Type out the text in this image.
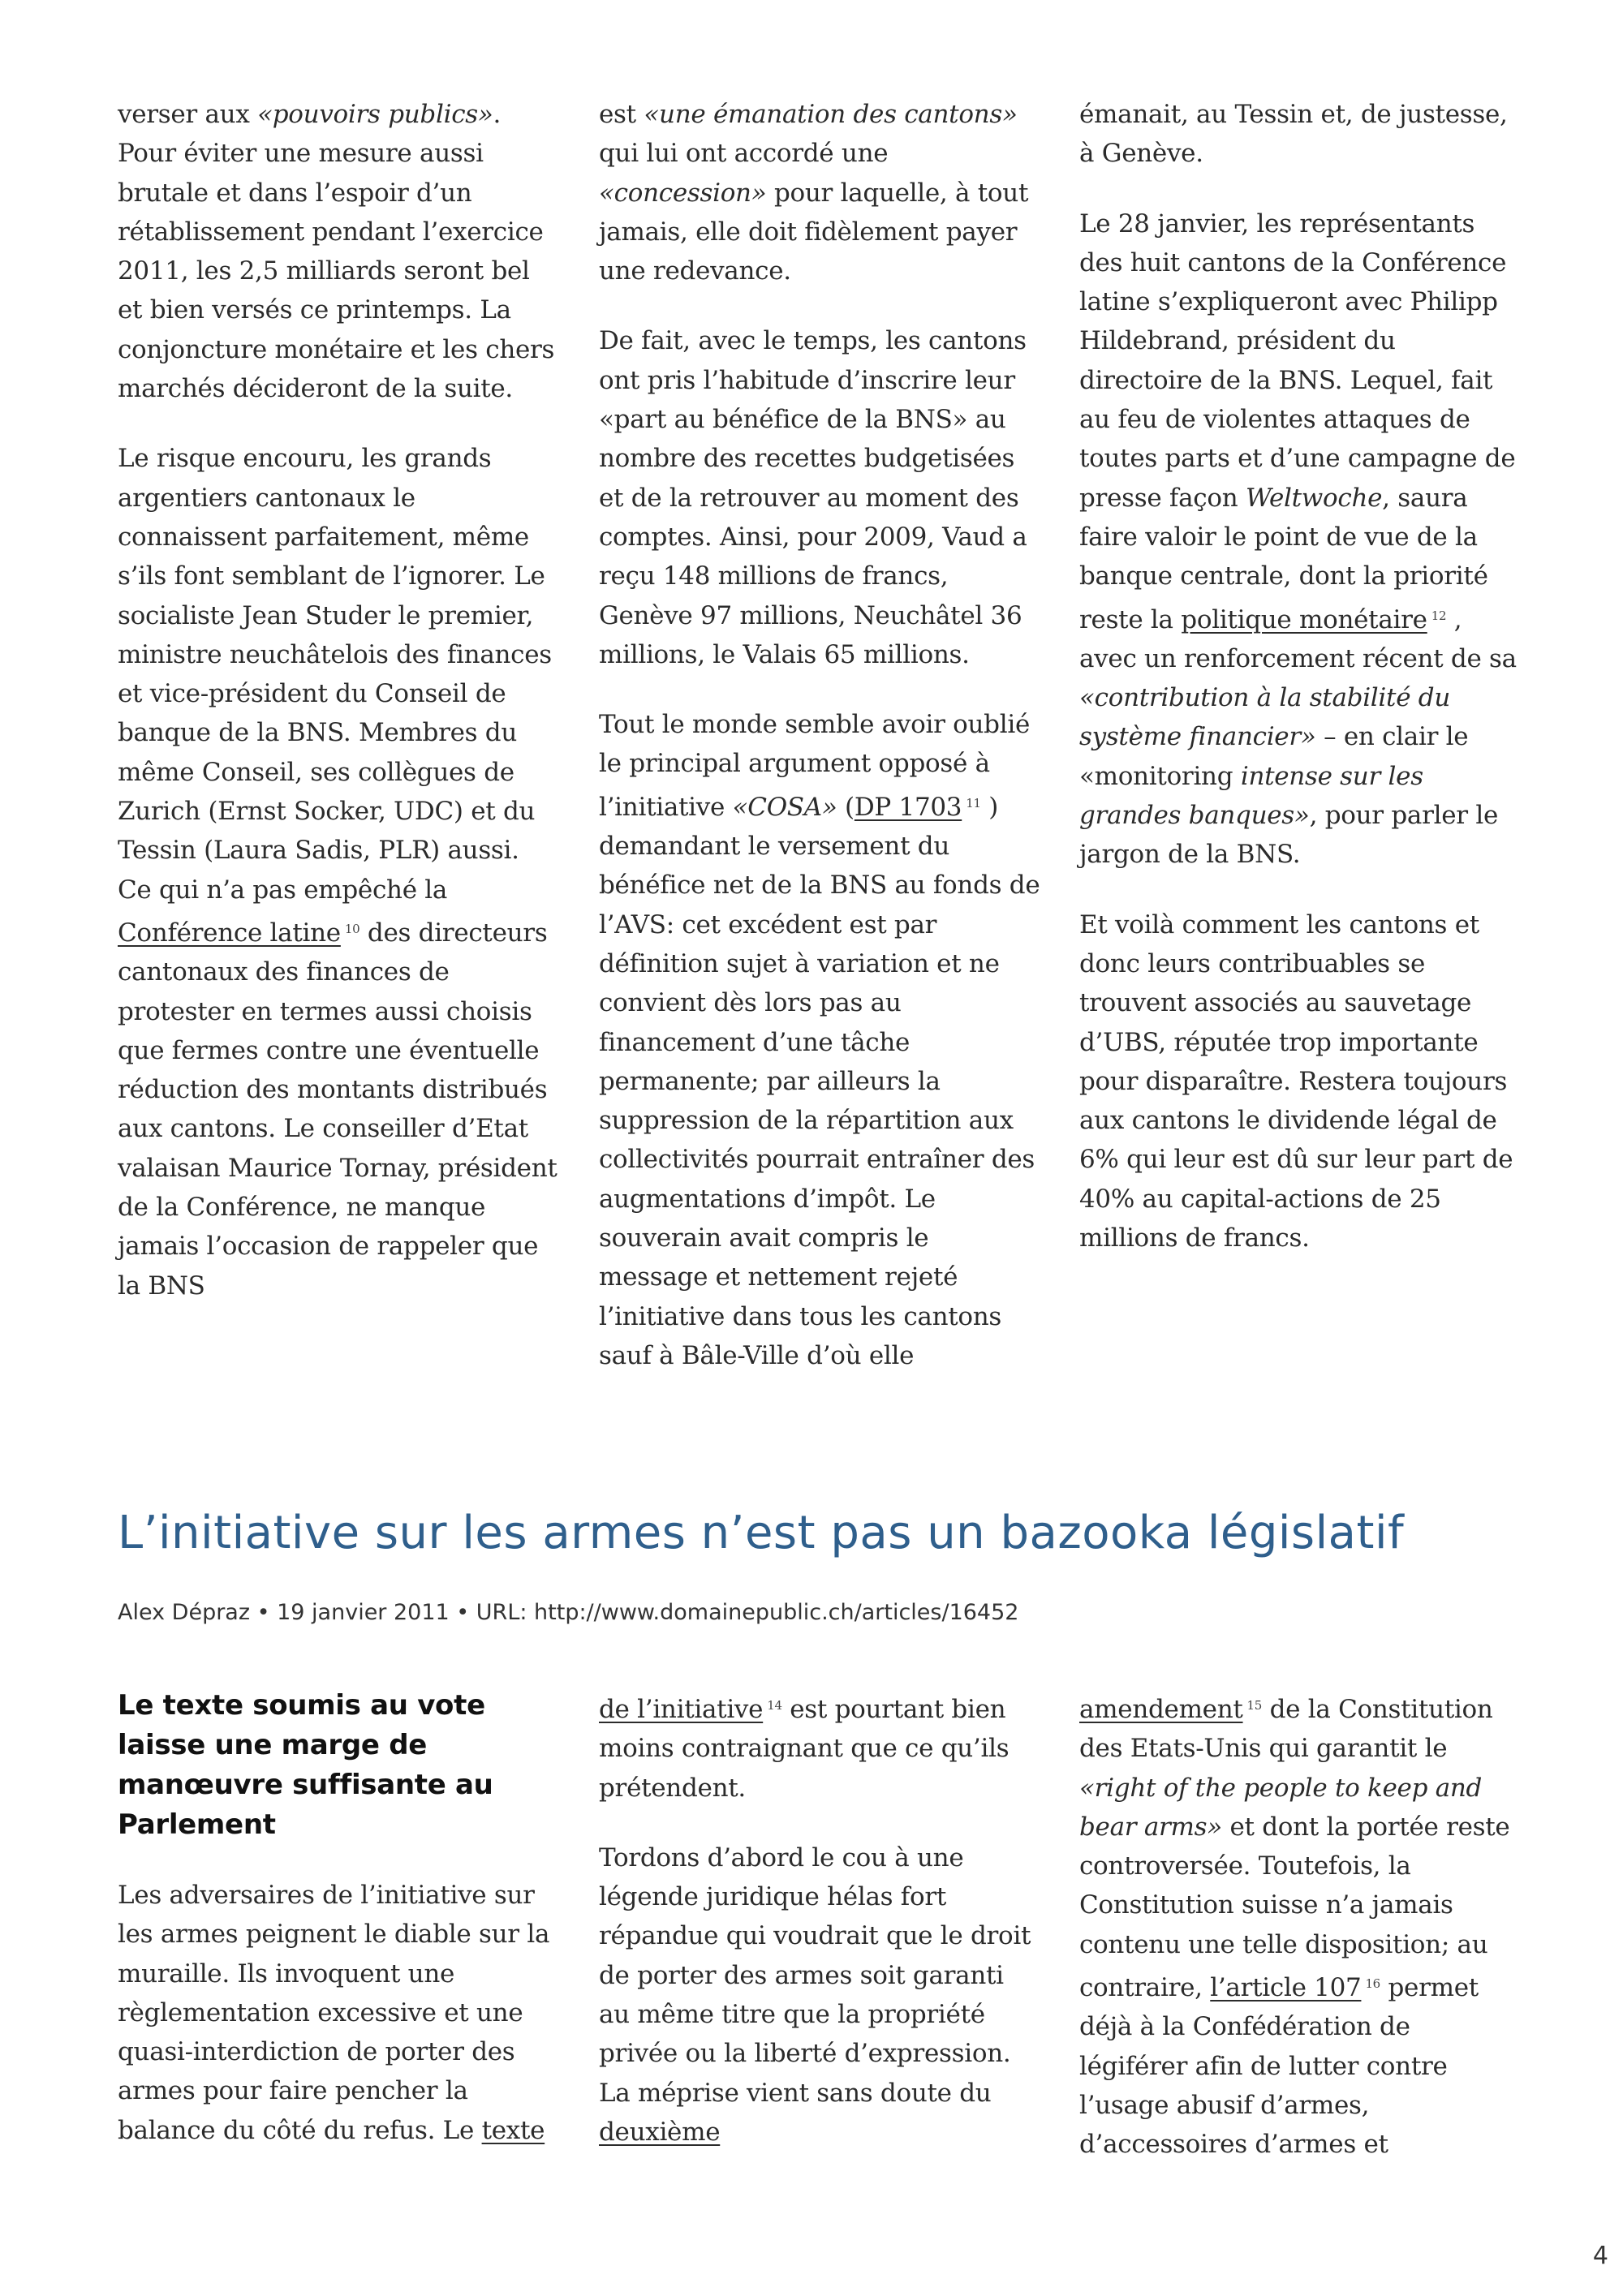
verser aux «pouvoirs publics». Pour éviter une mesure aussi brutale et dans l’espoir d’un rétablissement pendant l’exercice 2011, les 2,5 milliards seront bel et bien versés ce printemps. La conjoncture monétaire et les chers marchés décideront de la suite.

Le risque encouru, les grands argentiers cantonaux le connaissent parfaitement, même s’ils font semblant de l’ignorer. Le socialiste Jean Studer le premier, ministre neuchâtelois des finances et vice-président du Conseil de banque de la BNS. Membres du même Conseil, ses collègues de Zurich (Ernst Socker, UDC) et du Tessin (Laura Sadis, PLR) aussi. Ce qui n’a pas empêché la Conférence latine $^{10}$ des directeurs cantonaux des finances de protester en termes aussi choisis que fermes contre une éventuelle réduction des montants distribués aux cantons. Le conseiller d’Etat valaisan Maurice Tornay, président de la Conférence, ne manque jamais l’occasion de rappeler que la BNS

est «une émanation des cantons» qui lui ont accordé une «concession» pour laquelle, à tout jamais, elle doit fidèlement payer une redevance.

De fait, avec le temps, les cantons ont pris l’habitude d’inscrire leur «part au bénéfice de la BNS» au nombre des recettes budgetisées et de la retrouver au moment des comptes. Ainsi, pour 2009, Vaud a reçu 148 millions de francs, Genève 97 millions, Neuchâtel 36 millions, le Valais 65 millions.

Tout le monde semble avoir oublié le principal argument opposé à l’initiative «COSA» (DP 1703 $^{11}$ ) demandant le versement du bénéfice net de la BNS au fonds de l’AVS: cet excédent est par définition sujet à variation et ne convient dès lors pas au financement d’une tâche permanente; par ailleurs la suppression de la répartition aux collectivités pourrait entraîner des augmentations d’impôt. Le souverain avait compris le message et nettement rejeté l’initiative dans tous les cantons sauf à Bâle-Ville d’où elle

émanait, au Tessin et, de justesse, à Genève.

Le 28 janvier, les représentants des huit cantons de la Conférence latine s’expliqueront avec Philipp Hildebrand, président du directoire de la BNS. Lequel, fait au feu de violentes attaques de toutes parts et d’une campagne de presse façon Weltwoche, saura faire valoir le point de vue de la banque centrale, dont la priorité reste la politique monétaire $^{12}$ , avec un renforcement récent de sa «contribution à la stabilité du système financier» – en clair le «monitoring intense sur les grandes banques», pour parler le jargon de la BNS.

Et voilà comment les cantons et donc leurs contribuables se trouvent associés au sauvetage d’UBS, réputée trop importante pour disparaître. Restera toujours aux cantons le dividende légal de 6% qui leur est dû sur leur part de 40% au capital-actions de 25 millions de francs.

L’initiative sur les armes n’est pas un bazooka législatif

Alex Dépraz • 19 janvier 2011 • URL: http://www.domainepublic.ch/articles/16452

Le texte soumis au vote laisse une marge de manœuvre suffisante au Parlement

Les adversaires de l’initiative sur les armes peignent le diable sur la muraille. Ils invoquent une règlementation excessive et une quasi-interdiction de porter des armes pour faire pencher la balance du côté du refus. Le texte

de l’initiative $^{14}$ est pourtant bien moins contraignant que ce qu’ils prétendent.

Tordons d’abord le cou à une légende juridique hélas fort répandue qui voudrait que le droit de porter des armes soit garanti au même titre que la propriété privée ou la liberté d’expression. La méprise vient sans doute du deuxième

amendement $^{15}$ de la Constitution des Etats-Unis qui garantit le «right of the people to keep and bear arms» et dont la portée reste controversée. Toutefois, la Constitution suisse n’a jamais contenu une telle disposition; au contraire, l’article 107 $^{16}$ permet déjà à la Confédération de légiférer afin de lutter contre l’usage abusif d’armes, d’accessoires d’armes et

4
